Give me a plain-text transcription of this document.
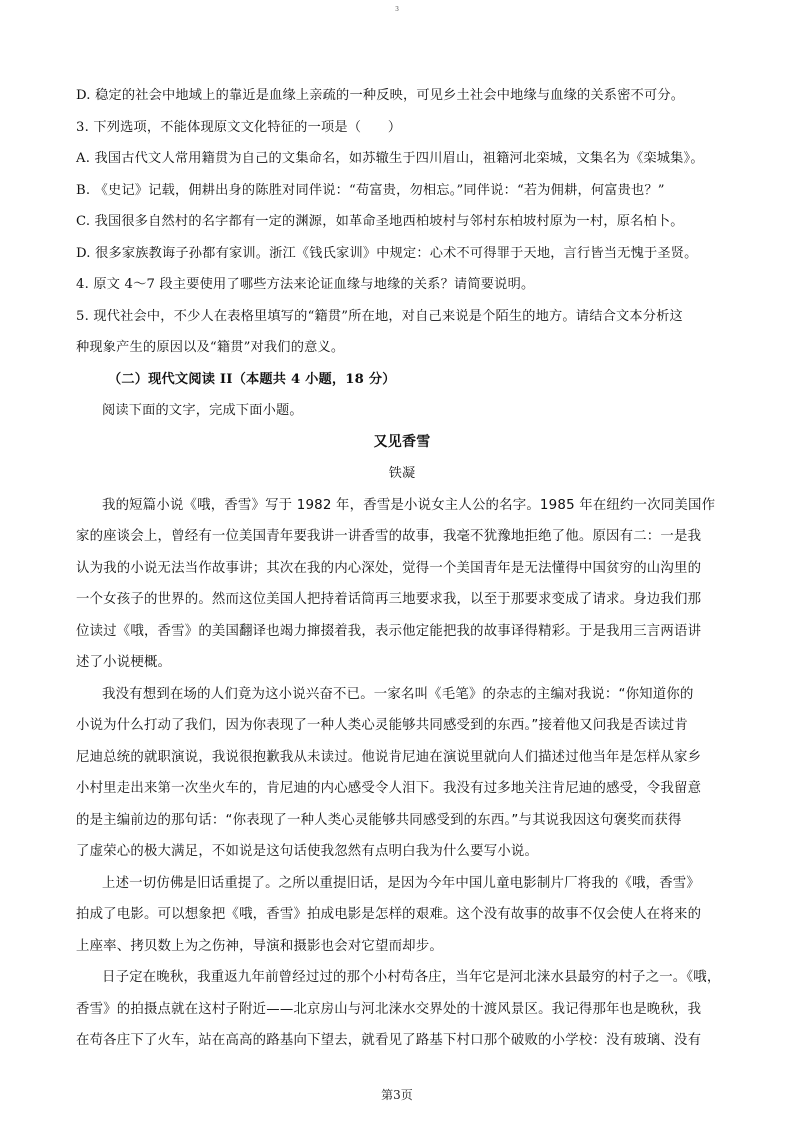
3
D. 稳定的社会中地域上的靠近是血缘上亲疏的一种反映，可见乡土社会中地缘与血缘的关系密不可分。
3. 下列选项，不能体现原文文化特征的一项是（　　）
A. 我国古代文人常用籍贯为自己的文集命名，如苏辙生于四川眉山，祖籍河北栾城，文集名为《栾城集》。
B. 《史记》记载，佣耕出身的陈胜对同伴说：“苟富贵，勿相忘。”同伴说：“若为佣耕，何富贵也？”
C. 我国很多自然村的名字都有一定的渊源，如革命圣地西柏坡村与邻村东柏坡村原为一村，原名柏卜。
D. 很多家族教诲子孙都有家训。浙江《钱氏家训》中规定：心术不可得罪于天地，言行皆当无愧于圣贤。
4. 原文 4～7 段主要使用了哪些方法来论证血缘与地缘的关系？请简要说明。
5. 现代社会中，不少人在表格里填写的“籍贯”所在地，对自己来说是个陌生的地方。请结合文本分析这
种现象产生的原因以及“籍贯”对我们的意义。
（二）现代文阅读 II（本题共 4 小题，18 分）
阅读下面的文字，完成下面小题。
又见香雪
铁凝
我的短篇小说《哦，香雪》写于 1982 年，香雪是小说女主人公的名字。1985 年在纽约一次同美国作
家的座谈会上，曾经有一位美国青年要我讲一讲香雪的故事，我毫不犹豫地拒绝了他。原因有二：一是我
认为我的小说无法当作故事讲；其次在我的内心深处，觉得一个美国青年是无法懂得中国贫穷的山沟里的
一个女孩子的世界的。然而这位美国人把持着话筒再三地要求我，以至于那要求变成了请求。身边我们那
位读过《哦，香雪》的美国翻译也竭力撺掇着我，表示他定能把我的故事译得精彩。于是我用三言两语讲
述了小说梗概。
我没有想到在场的人们竟为这小说兴奋不已。一家名叫《毛笔》的杂志的主编对我说：“你知道你的
小说为什么打动了我们，因为你表现了一种人类心灵能够共同感受到的东西。”接着他又问我是否读过肯
尼迪总统的就职演说，我说很抱歉我从未读过。他说肯尼迪在演说里就向人们描述过他当年是怎样从家乡
小村里走出来第一次坐火车的，肯尼迪的内心感受令人泪下。我没有过多地关注肯尼迪的感受，令我留意
的是主编前边的那句话：“你表现了一种人类心灵能够共同感受到的东西。”与其说我因这句褒奖而获得
了虚荣心的极大满足，不如说是这句话使我忽然有点明白我为什么要写小说。
上述一切仿佛是旧话重提了。之所以重提旧话，是因为今年中国儿童电影制片厂将我的《哦，香雪》
拍成了电影。可以想象把《哦，香雪》拍成电影是怎样的艰难。这个没有故事的故事不仅会使人在将来的
上座率、拷贝数上为之伤神，导演和摄影也会对它望而却步。
日子定在晚秋，我重返九年前曾经过过的那个小村苟各庄，当年它是河北涞水县最穷的村子之一。《哦，
香雪》的拍摄点就在这村子附近——北京房山与河北涞水交界处的十渡风景区。我记得那年也是晚秋，我
在苟各庄下了火车，站在高高的路基向下望去，就看见了路基下村口那个破败的小学校：没有玻璃、没有
第3页
